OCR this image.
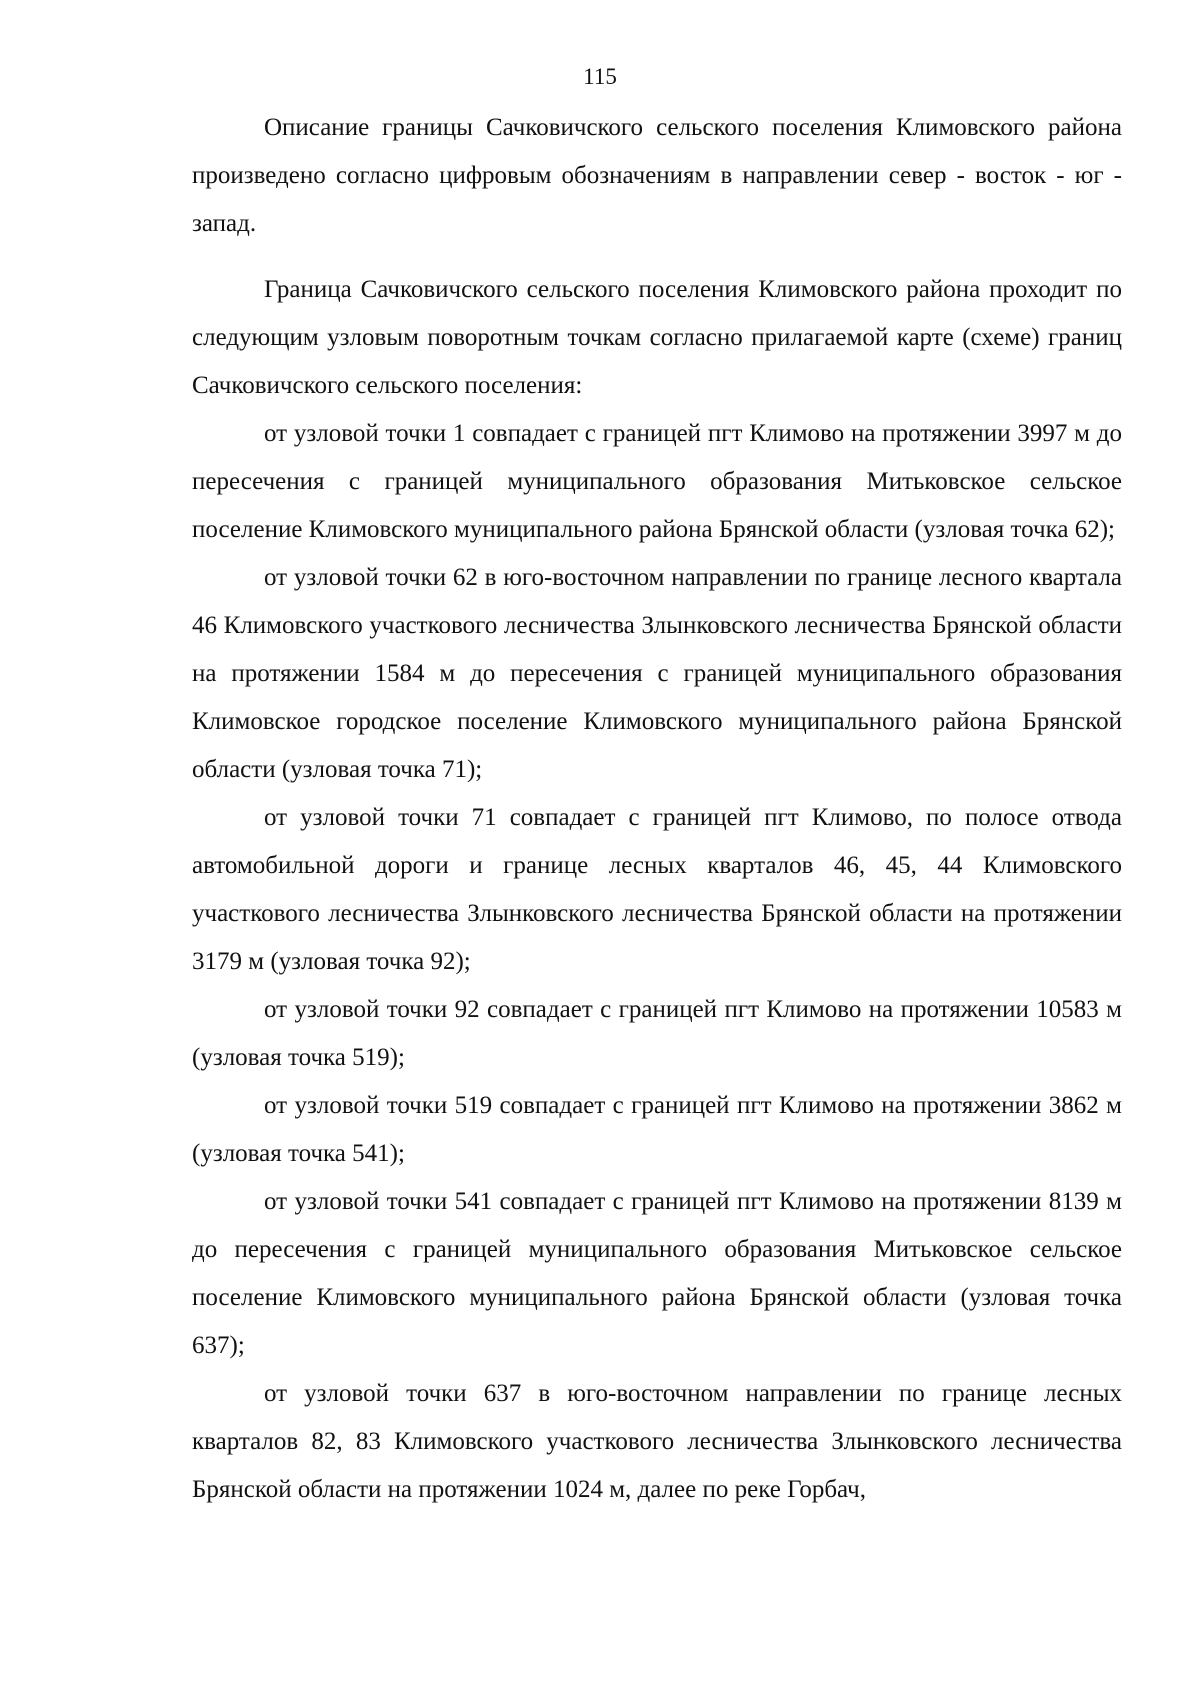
115

Описание границы Сачковичского сельского поселения Климовского района произведено согласно цифровым обозначениям в направлении север - восток - юг - запад.

Граница Сачковичского сельского поселения Климовского района проходит по следующим узловым поворотным точкам согласно прилагаемой карте (схеме) границ Сачковичского сельского поселения:

от узловой точки 1 совпадает с границей пгт Климово на протяжении 3997 м до пересечения с границей муниципального образования Митьковское сельское поселение Климовского муниципального района Брянской области (узловая точка 62);

от узловой точки 62 в юго-восточном направлении по границе лесного квартала 46 Климовского участкового лесничества Злынковского лесничества Брянской области на протяжении 1584 м до пересечения с границей муниципального образования Климовское городское поселение Климовского муниципального района Брянской области (узловая точка 71);

от узловой точки 71 совпадает с границей пгт Климово, по полосе отвода автомобильной дороги и границе лесных кварталов 46, 45, 44 Климовского участкового лесничества Злынковского лесничества Брянской области на протяжении 3179 м (узловая точка 92);

от узловой точки 92 совпадает с границей пгт Климово на протяжении 10583 м (узловая точка 519);

от узловой точки 519 совпадает с границей пгт Климово на протяжении 3862 м (узловая точка 541);

от узловой точки 541 совпадает с границей пгт Климово на протяжении 8139 м до пересечения с границей муниципального образования Митьковское сельское поселение Климовского муниципального района Брянской области (узловая точка 637);

от узловой точки 637 в юго-восточном направлении по границе лесных кварталов 82, 83 Климовского участкового лесничества Злынковского лесничества Брянской области на протяжении 1024 м, далее по реке Горбач,
